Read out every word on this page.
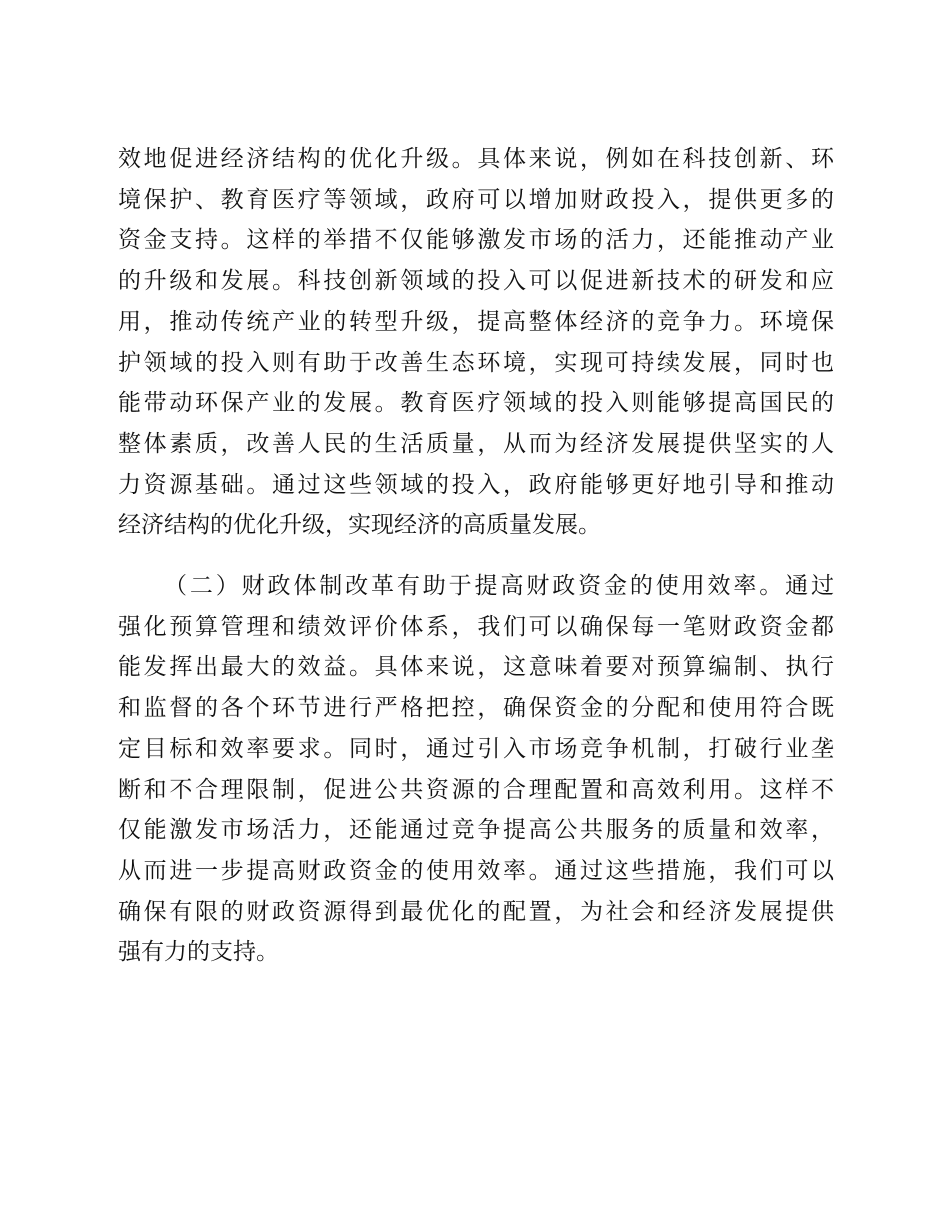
效地促进经济结构的优化升级。具体来说，例如在科技创新、环
境保护、教育医疗等领域，政府可以增加财政投入，提供更多的
资金支持。这样的举措不仅能够激发市场的活力，还能推动产业
的升级和发展。科技创新领域的投入可以促进新技术的研发和应
用，推动传统产业的转型升级，提高整体经济的竞争力。环境保
护领域的投入则有助于改善生态环境，实现可持续发展，同时也
能带动环保产业的发展。教育医疗领域的投入则能够提高国民的
整体素质，改善人民的生活质量，从而为经济发展提供坚实的人
力资源基础。通过这些领域的投入，政府能够更好地引导和推动
经济结构的优化升级，实现经济的高质量发展。
（二）财政体制改革有助于提高财政资金的使用效率。通过
强化预算管理和绩效评价体系，我们可以确保每一笔财政资金都
能发挥出最大的效益。具体来说，这意味着要对预算编制、执行
和监督的各个环节进行严格把控，确保资金的分配和使用符合既
定目标和效率要求。同时，通过引入市场竞争机制，打破行业垄
断和不合理限制，促进公共资源的合理配置和高效利用。这样不
仅能激发市场活力，还能通过竞争提高公共服务的质量和效率，
从而进一步提高财政资金的使用效率。通过这些措施，我们可以
确保有限的财政资源得到最优化的配置，为社会和经济发展提供
强有力的支持。
